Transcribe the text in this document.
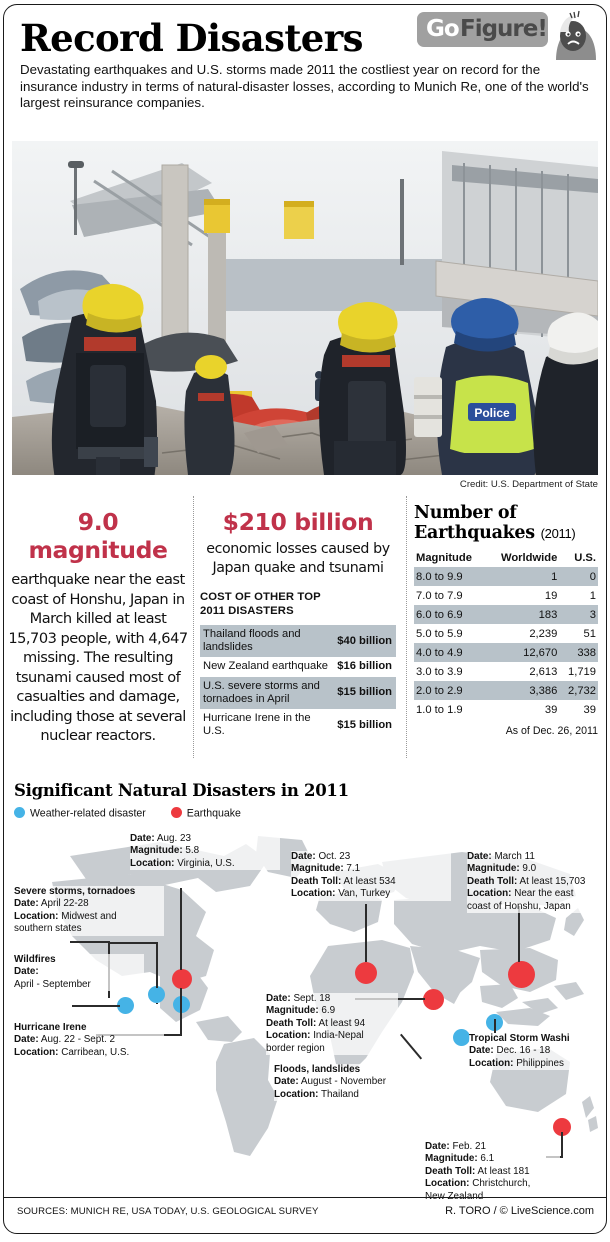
Record Disasters	Go Figure!
Devastating earthquakes and U.S. storms made 2011 the costliest year on record for the insurance industry in terms of natural-disaster losses, according to Munich Re, one of the world's largest reinsurance companies.
Police
Credit: U.S. Department of State
9.0 magnitude
earthquake near the east coast of Honshu, Japan in March killed at least 15,703 people, with 4,647 missing. The resulting tsunami caused most of casualties and damage, including those at several nuclear reactors.
$210 billion
economic losses caused by Japan quake and tsunami
COST OF OTHER TOP
2011 DISASTERS
Thailand floods and landslides	$40 billion
New Zealand earthquake	$16 billion
U.S. severe storms and tornadoes in April	$15 billion
Hurricane Irene in the U.S.	$15 billion
Number of Earthquakes (2011)
Magnitude	Worldwide	U.S.
8.0 to 9.9	1	0
7.0 to 7.9	19	1
6.0 to 6.9	183	3
5.0 to 5.9	2,239	51
4.0 to 4.9	12,670	338
3.0 to 3.9	2,613	1,719
2.0 to 2.9	3,386	2,732
1.0 to 1.9	39	39
As of Dec. 26, 2011
Significant Natural Disasters in 2011
Weather-related disaster	Earthquake
Date: Aug. 23
Magnitude: 5.8
Location: Virginia, U.S.
Severe storms, tornadoes
Date: April 22-28
Location: Midwest and
southern states
Wildfires
Date:
April - September
Hurricane Irene
Date: Aug. 22 - Sept. 2
Location: Carribean, U.S.
Date: Oct. 23
Magnitude: 7.1
Death Toll: At least 534
Location: Van, Turkey
Date: March 11
Magnitude: 9.0
Death Toll: At least 15,703
Location: Near the east
coast of Honshu, Japan
Date: Sept. 18
Magnitude: 6.9
Death Toll: At least 94
Location: India-Nepal
border region
Floods, landslides
Date: August - November
Location: Thailand
Tropical Storm Washi
Date: Dec. 16 - 18
Location: Philippines
Date: Feb. 21
Magnitude: 6.1
Death Toll: At least 181
Location: Christchurch,
New Zealand
SOURCES: MUNICH RE, USA TODAY, U.S. GEOLOGICAL SURVEY	R. TORO / © LiveScience.com
